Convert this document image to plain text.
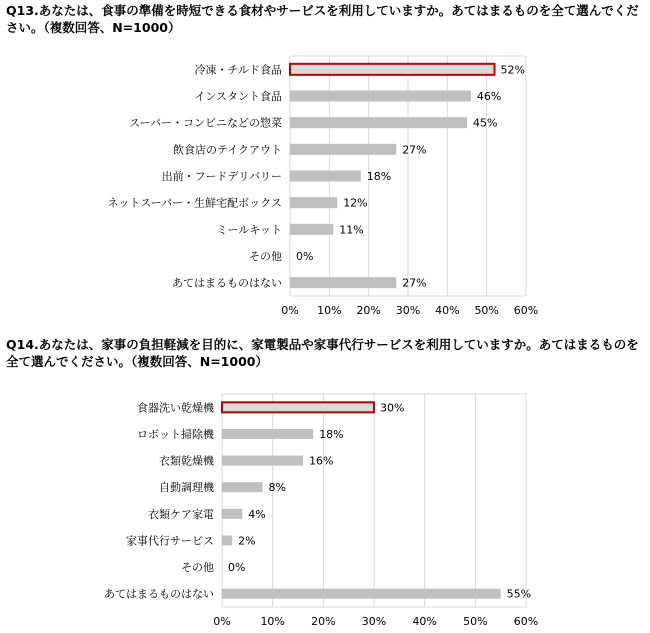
Q13.あなたは、食事の準備を時短できる食材やサービスを利用していますか。あてはまるものを全て選んでください。（複数回答、N=1000）
0% 10% 20% 30% 40% 50% 60%
冷凍・チルド食品	52%
インスタント食品	46%
スーパー・コンビニなどの惣菜	45%
飲食店のテイクアウト	27%
出前・フードデリバリー	18%
ネットスーパー・生鮮宅配ボックス	12%
ミールキット	11%
その他 0%
あてはまるものはない	27%
Q14.あなたは、家事の負担軽減を目的に、家電製品や家事代行サービスを利用していますか。あてはまるものを全て選んでください。（複数回答、N=1000）
0%	10% 20% 30% 40% 50% 60%
食器洗い乾燥機	30%
ロボット掃除機	18%
衣類乾燥機	16%
自動調理機	8%
衣類ケア家電	4%
家事代行サービス 2%
その他 0%
あてはまるものはない	55%
